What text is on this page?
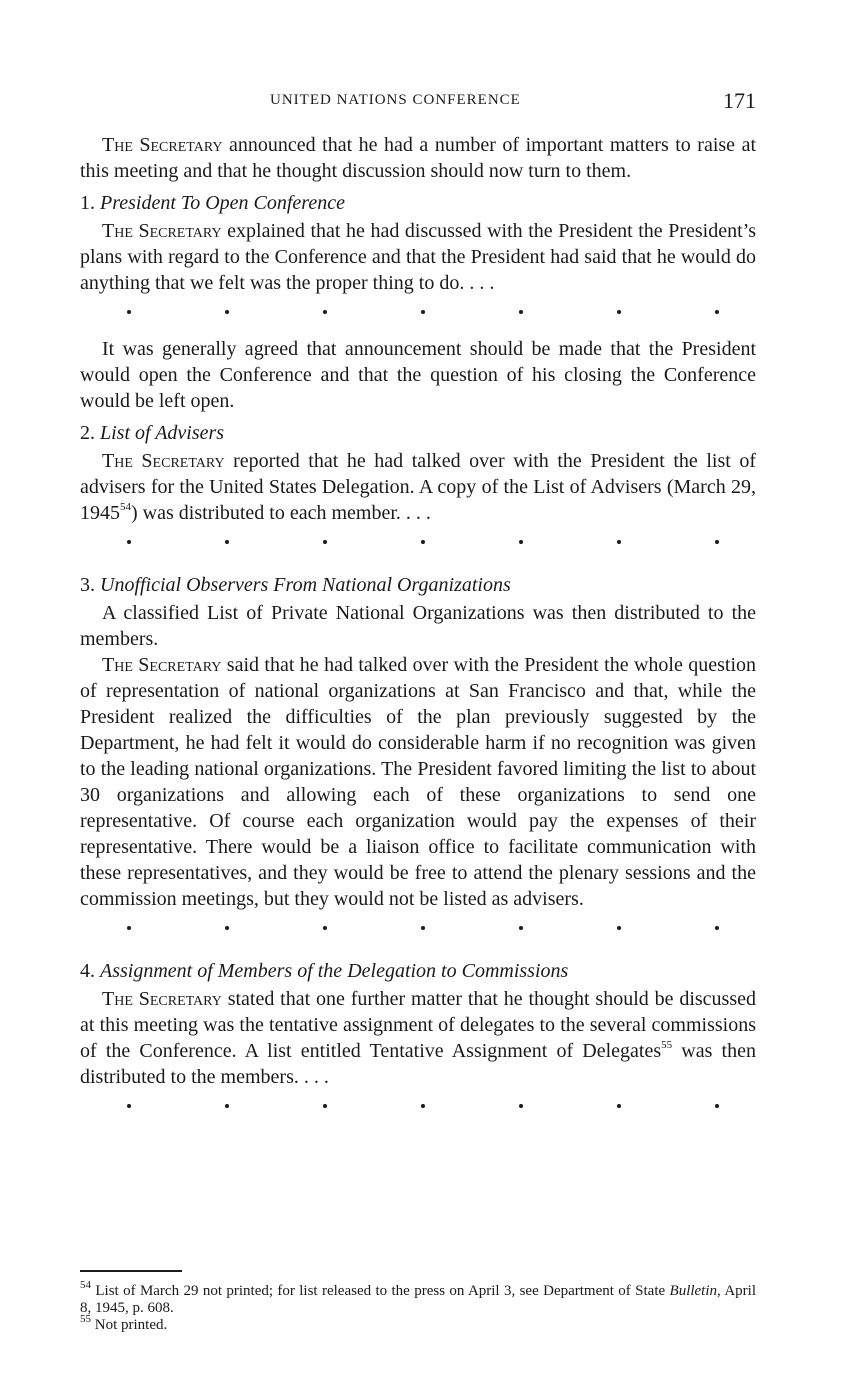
UNITED NATIONS CONFERENCE	171

The Secretary announced that he had a number of important matters to raise at this meeting and that he thought discussion should now turn to them.

1. President To Open Conference

The Secretary explained that he had discussed with the President the President’s plans with regard to the Conference and that the President had said that he would do anything that we felt was the proper thing to do. . . .

It was generally agreed that announcement should be made that the President would open the Conference and that the question of his closing the Conference would be left open.

2. List of Advisers

The Secretary reported that he had talked over with the President the list of advisers for the United States Delegation. A copy of the List of Advisers (March 29, 1945$^{54}$) was distributed to each member. . . .

3. Unofficial Observers From National Organizations

A classified List of Private National Organizations was then distributed to the members.

The Secretary said that he had talked over with the President the whole question of representation of national organizations at San Francisco and that, while the President realized the difficulties of the plan previously suggested by the Department, he had felt it would do considerable harm if no recognition was given to the leading national organizations. The President favored limiting the list to about 30 organizations and allowing each of these organizations to send one representative. Of course each organization would pay the expenses of their representative. There would be a liaison office to facilitate communication with these representatives, and they would be free to attend the plenary sessions and the commission meetings, but they would not be listed as advisers.

4. Assignment of Members of the Delegation to Commissions

The Secretary stated that one further matter that he thought should be discussed at this meeting was the tentative assignment of delegates to the several commissions of the Conference. A list entitled Tentative Assignment of Delegates$^{55}$ was then distributed to the members. . . .

$^{54}$ List of March 29 not printed; for list released to the press on April 3, see Department of State Bulletin, April 8, 1945, p. 608.
$^{55}$ Not printed.
